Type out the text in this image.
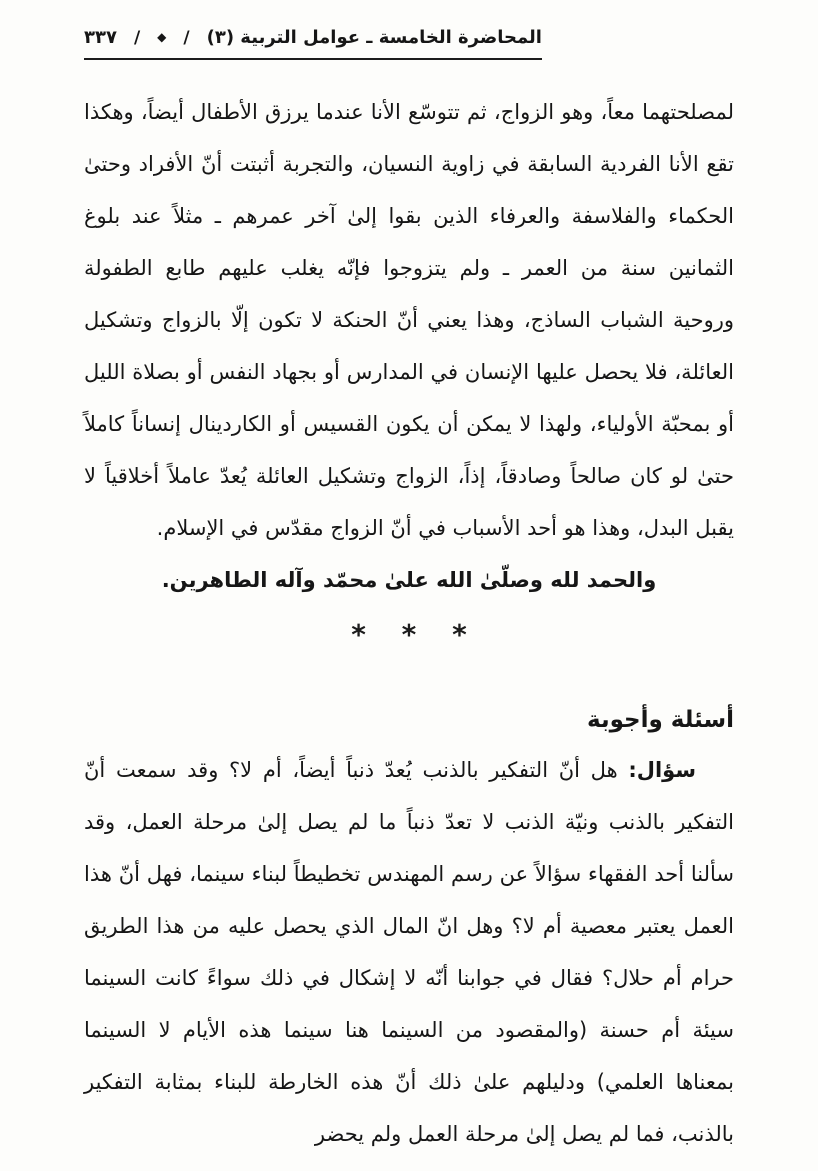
٣٣٧ / ◆ / المحاضرة الخامسة ـ عوامل التربية (٣)

لمصلحتهما معاً، وهو الزواج، ثم تتوسّع الأنا عندما يرزق الأطفال أيضاً، وهكذا تقع الأنا الفردية السابقة في زاوية النسيان، والتجربة أثبتت أنّ الأفراد وحتىٰ الحكماء والفلاسفة والعرفاء الذين بقوا إلىٰ آخر عمرهم ـ مثلاً عند بلوغ الثمانين سنة من العمر ـ ولم يتزوجوا فإنّه يغلب عليهم طابع الطفولة وروحية الشباب الساذج، وهذا يعني أنّ الحنكة لا تكون إلّا بالزواج وتشكيل العائلة، فلا يحصل عليها الإنسان في المدارس أو بجهاد النفس أو بصلاة الليل أو بمحبّة الأولياء، ولهذا لا يمكن أن يكون القسيس أو الكاردينال إنساناً كاملاً حتىٰ لو كان صالحاً وصادقاً، إذاً، الزواج وتشكيل العائلة يُعدّ عاملاً أخلاقياً لا يقبل البدل، وهذا هو أحد الأسباب في أنّ الزواج مقدّس في الإسلام.

والحمد لله وصلّىٰ الله علىٰ محمّد وآله الطاهرين.

* * *
أسئلة وأجوبة

سؤال: هل أنّ التفكير بالذنب يُعدّ ذنباً أيضاً، أم لا؟ وقد سمعت أنّ التفكير بالذنب ونيّة الذنب لا تعدّ ذنباً ما لم يصل إلىٰ مرحلة العمل، وقد سألنا أحد الفقهاء سؤالاً عن رسم المهندس تخطيطاً لبناء سينما، فهل أنّ هذا العمل يعتبر معصية أم لا؟ وهل انّ المال الذي يحصل عليه من هذا الطريق حرام أم حلال؟ فقال في جوابنا أنّه لا إشكال في ذلك سواءً كانت السينما سيئة أم حسنة (والمقصود من السينما هنا سينما هذه الأيام لا السينما بمعناها العلمي) ودليلهم علىٰ ذلك أنّ هذه الخارطة للبناء بمثابة التفكير بالذنب، فما لم يصل إلىٰ مرحلة العمل ولم يحضر
